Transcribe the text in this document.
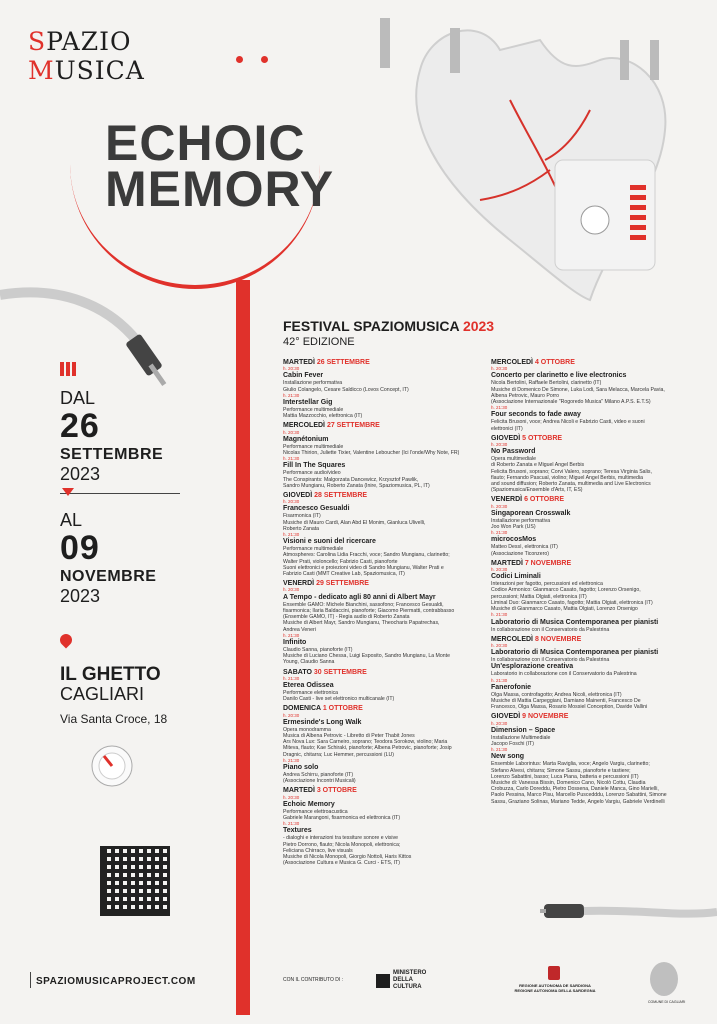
SPAZIO
MUSICA
ECHOIC
MEMORY
DAL
26
SETTEMBRE
2023
AL
09
NOVEMBRE
2023
IL GHETTO
CAGLIARI
Via Santa Croce, 18
SPAZIOMUSICAPROJECT.COM
FESTIVAL SPAZIOMUSICA 2023
42° EDIZIONE
MARTEDÌ 26 SETTEMBRE
h. 20:30
Cabin Fever
Installazione performativa
Giulio Colangelo, Cesare Saldicco (Lovos Concept, IT)
h. 21:30
Interstellar Gig
Performance multimediale
Mattia Mazzocchio, elettronica (IT)
MERCOLEDÌ 27 SETTEMBRE
h. 20:30
Magnétonium
Performance multimediale
Nicolas Thirion, Juliette Tixier, Valentine Leboucher (Ici l'onde/Why Note, FR)
h. 21:30
Fill In The Squares
Performance audio/video
The Conspirants: Malgorzata Dancewicz, Krzysztof Pawlik,
Sandro Mungianu, Roberto Zanata (Inire, Spaziomusica, PL, IT)
GIOVEDÌ 28 SETTEMBRE
h. 20:30
Francesco Gesualdi
Fisarmonica (IT)
Musiche di Mauro Cardi, Alan Abd El Monim, Gianluca Ulivelli,
Roberto Zanata
h. 21:30
Visioni e suoni del ricercare
Performance multimediale
Atmospheres: Carolina Lidia Fracchi, voce; Sandro Mungianu, clarinetto;
Walter Prati, violoncello; Fabrizio Casti, pianoforte
Suoni elettronici e proiezioni video di Sandro Mungianu, Walter Prati e
Fabrizio Casti (MMT Creative Lab, Spaziomusica, IT)
VENERDÌ 29 SETTEMBRE
h. 20:30
A Tempo - dedicato agli 80 anni di Albert Mayr
Ensemble GAMO: Michele Bianchini, sassofono; Francesco Gesualdi,
fisarmonica; Ilaria Baldaccini, pianoforte; Giacomo Piermatti, contrabbasso
(Ensemble GAMO, IT) - Regia audio di Roberto Zanata
Musiche di Albert Mayr, Sandro Mungianu, Theocharis Papatrechas,
Andrea Veneri
h. 21:30
Infinito
Claudio Sanna, pianoforte (IT)
Musiche di Luciano Chessa, Luigi Esposito, Sandro Mungianu, La Monte
Young, Claudio Sanna
SABATO 30 SETTEMBRE
h. 21:30
Eterea Odissea
Performance elettronica
Danilo Casti - live set elettronico multicanale (IT)
DOMENICA 1 OTTOBRE
h. 20:30
Ermesinde's Long Walk
Opera monodramma
Musica di Albena Petrovic - Libretto di Peter Thabit Jones
Ars Nova Lux: Sara Carneiro, soprano; Teodora Sorokow, violino; Maria
Miteva, flauto; Kae Schiraki, pianoforte; Albena Petrovic, pianoforte; Josip
Dragnic, chitarra; Luc Hemmer, percussioni (LU)
h. 21:30
Piano solo
Andrea Schirru, pianoforte (IT)
(Associazione Incontri Musicali)
MARTEDÌ 3 OTTOBRE
h. 20:30
Echoic Memory
Performance elettroacustica
Gabriele Marangoni, fisarmonica ed elettronica (IT)
h. 21:30
Textures
- dialoghi e interazioni tra tessiture sonore e visive
Pietro Dorrono, flauto; Nicola Monopoli, elettronica;
Feliciana Chirraco, live visuals
Musiche di Nicola Monopoli, Giorgio Nottoli, Haris Kittos
(Associazione Cultura e Musica G. Curci - ETS, IT)
MERCOLEDÌ 4 OTTOBRE
h. 20:30
Concerto per clarinetto e live electronics
Nicola Bertolini, Raffaele Bertolini, clarinetto (IT)
Musiche di Domenico De Simone, Luka Lodi, Sara Melacca, Marcela Pavia,
Albena Petrovic, Mauro Porro
(Associazione Internazionale "Rogoredo Musica" Milano A.P.S. E.T.S)
h. 21:30
Four seconds to fade away
Felicita Brusoni, voce; Andrea Nicoli e Fabrizio Casti, video e suoni
elettronici (IT)
GIOVEDÌ 5 OTTOBRE
h. 20:30
No Password
Opera multimediale
di Roberto Zanata e Miguel Angel Berbis
Felicita Brusoni, soprano; Corvi Valero, soprano; Teresa Virginia Salis,
flauto; Fernando Pascual, violino; Miguel Angel Berbis, multimedia
and sound diffusion; Roberto Zanata, multimedia and Live Electronics
(Spaziomusica/Ensemble d'Arts, IT, ES)
VENERDÌ 6 OTTOBRE
h. 20:30
Singaporean Crosswalk
Installazione performativa
Joo Won Park (US)
h. 21:30
microcosMos
Matteo Dessì, elettronica (IT)
(Associazione Ticonzero)
MARTEDÌ 7 NOVEMBRE
h. 20:30
Codici Liminali
Interazioni per fagotto, percussioni ed elettronica
Codice Armonico: Gianmarco Casato, fagotto; Lorenzo Orsenigo,
percussioni; Mattia Olgiati, elettronica (IT)
Liminal Duo: Gianmarco Casato, fagotto; Mattia Olgiati, elettronica (IT)
Musiche di Gianmarco Casato, Mattia Olgiati, Lorenzo Orsenigo
h. 21:30
Laboratorio di Musica Contemporanea per pianisti
In collaborazione con il Conservatorio da Palestrina
MERCOLEDÌ 8 NOVEMBRE
h. 20:30
Laboratorio di Musica Contemporanea per pianisti
In collaborazione con il Conservatorio da Palestrina
Un'esplorazione creativa
Laboratorio in collaborazione con il Conservatorio da Palestrina
h. 21:30
Fanerofonie
Olga Massa, controfagotto; Andrea Nicoli, elettronica (IT)
Musiche di Mattia Carpeggiani, Damiano Mainenti, Francesco De
Francesco, Olga Massa, Rosario Mossiel Conception, Davide Vallini
GIOVEDÌ 9 NOVEMBRE
h. 20:30
Dimension – Space
Installazione Multimediale
Jacopo Foschi (IT)
h. 21:30
New song
Ensemble Laborintus: Marta Raviglia, voce; Angelo Vargiu, clarinetto;
Stefano Alvesi, chitarra; Simone Sassu, pianoforte e tastiere;
Lorenzo Sabattini, basso; Luca Piana, batteria e percussioni (IT)
Musiche di: Vanessa Bissin, Domenico Cano, Nicolò Cottu, Claudia
Crobuzza, Carlo Doreddu, Pietro Dossena, Daniele Manca, Gino Marielli,
Paolo Pessina, Marco Pisu, Marcello Puscedddu, Lorenzo Sabattini, Simone
Sassu, Graziano Solinas, Mariano Tedde, Angelo Vargiu, Gabriele Verdinelli
CON IL CONTRIBUTO DI :
MINISTERO
DELLA
CULTURA	REGIONE AUTONOMA DE SARDIGNA
REGIONE AUTONOMA DELLA SARDEGNA
COMUNE DI CAGLIARI
